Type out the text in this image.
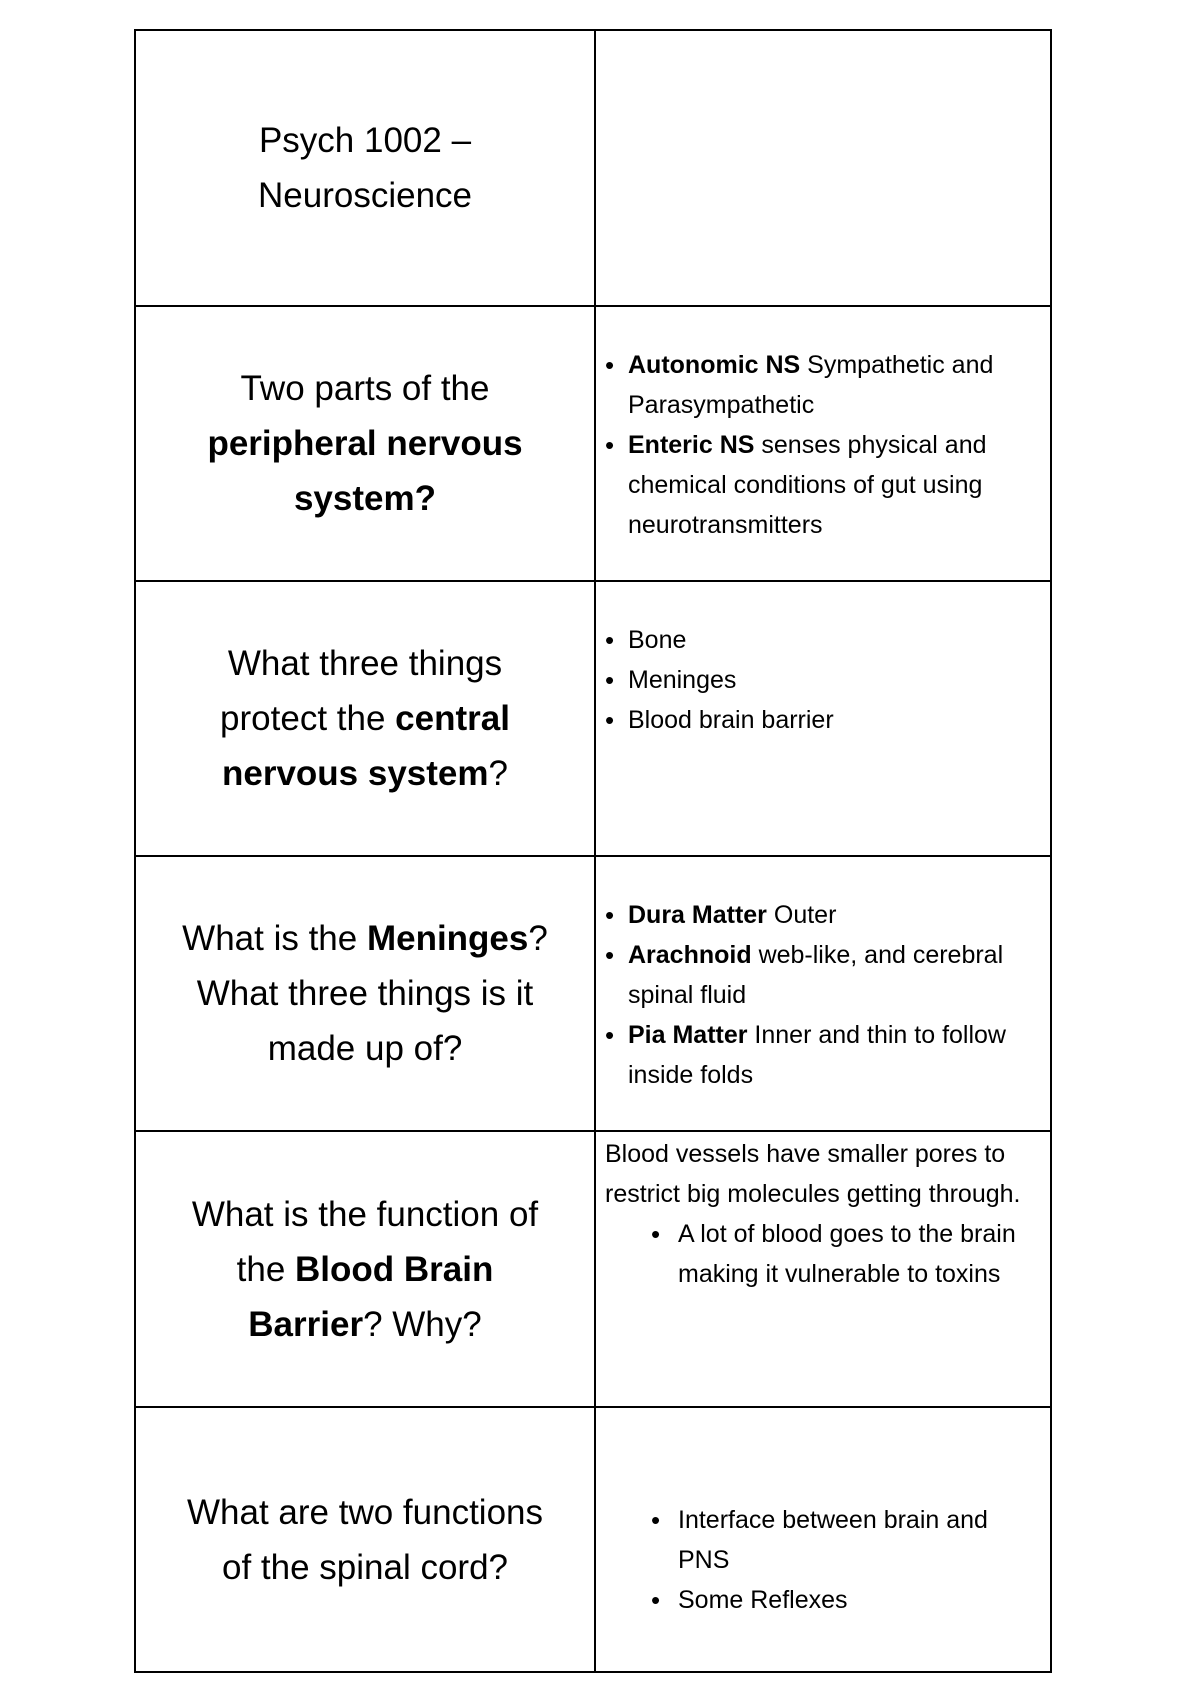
Psych 1002 –
Neuroscience
Two parts of the
peripheral nervous
system?
• Autonomic NS Sympathetic and Parasympathetic
• Enteric NS senses physical and chemical conditions of gut using neurotransmitters
What three things
protect the central
nervous system?
• Bone
• Meninges
• Blood brain barrier
What is the Meninges?
What three things is it
made up of?
• Dura Matter Outer
• Arachnoid web-like, and cerebral spinal fluid
• Pia Matter Inner and thin to follow inside folds
What is the function of
the Blood Brain
Barrier? Why?
Blood vessels have smaller pores to restrict big molecules getting through.
• A lot of blood goes to the brain making it vulnerable to toxins
What are two functions
of the spinal cord?
• Interface between brain and PNS
• Some Reflexes
